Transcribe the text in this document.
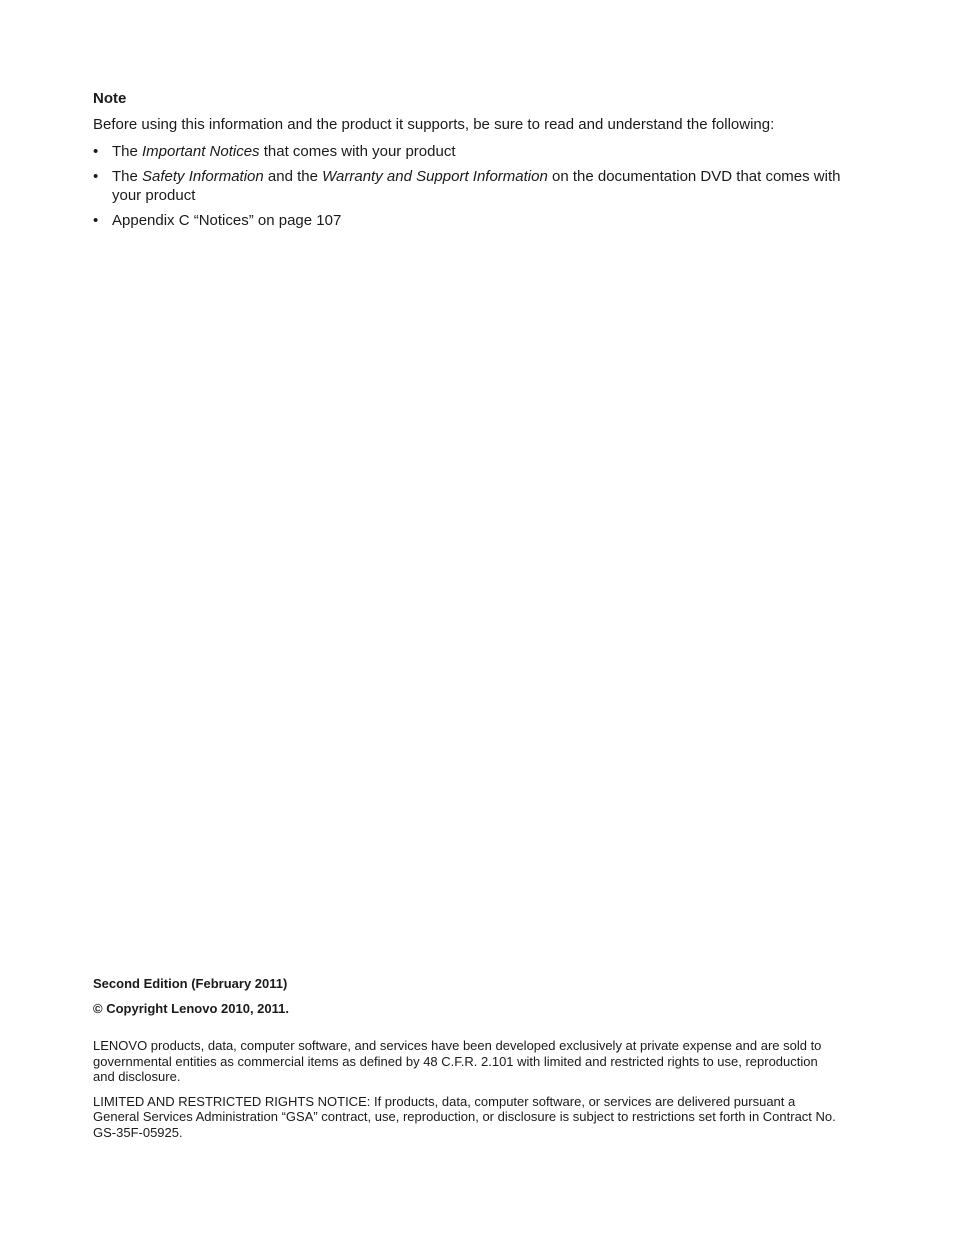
Note
Before using this information and the product it supports, be sure to read and understand the following:
• The Important Notices that comes with your product
• The Safety Information and the Warranty and Support Information on the documentation DVD that comes with your product
• Appendix C “Notices” on page 107
Second Edition (February 2011)
© Copyright Lenovo 2010, 2011.
LENOVO products, data, computer software, and services have been developed exclusively at private expense and are sold to governmental entities as commercial items as defined by 48 C.F.R. 2.101 with limited and restricted rights to use, reproduction and disclosure.
LIMITED AND RESTRICTED RIGHTS NOTICE: If products, data, computer software, or services are delivered pursuant a General Services Administration “GSA” contract, use, reproduction, or disclosure is subject to restrictions set forth in Contract No. GS-35F-05925.
